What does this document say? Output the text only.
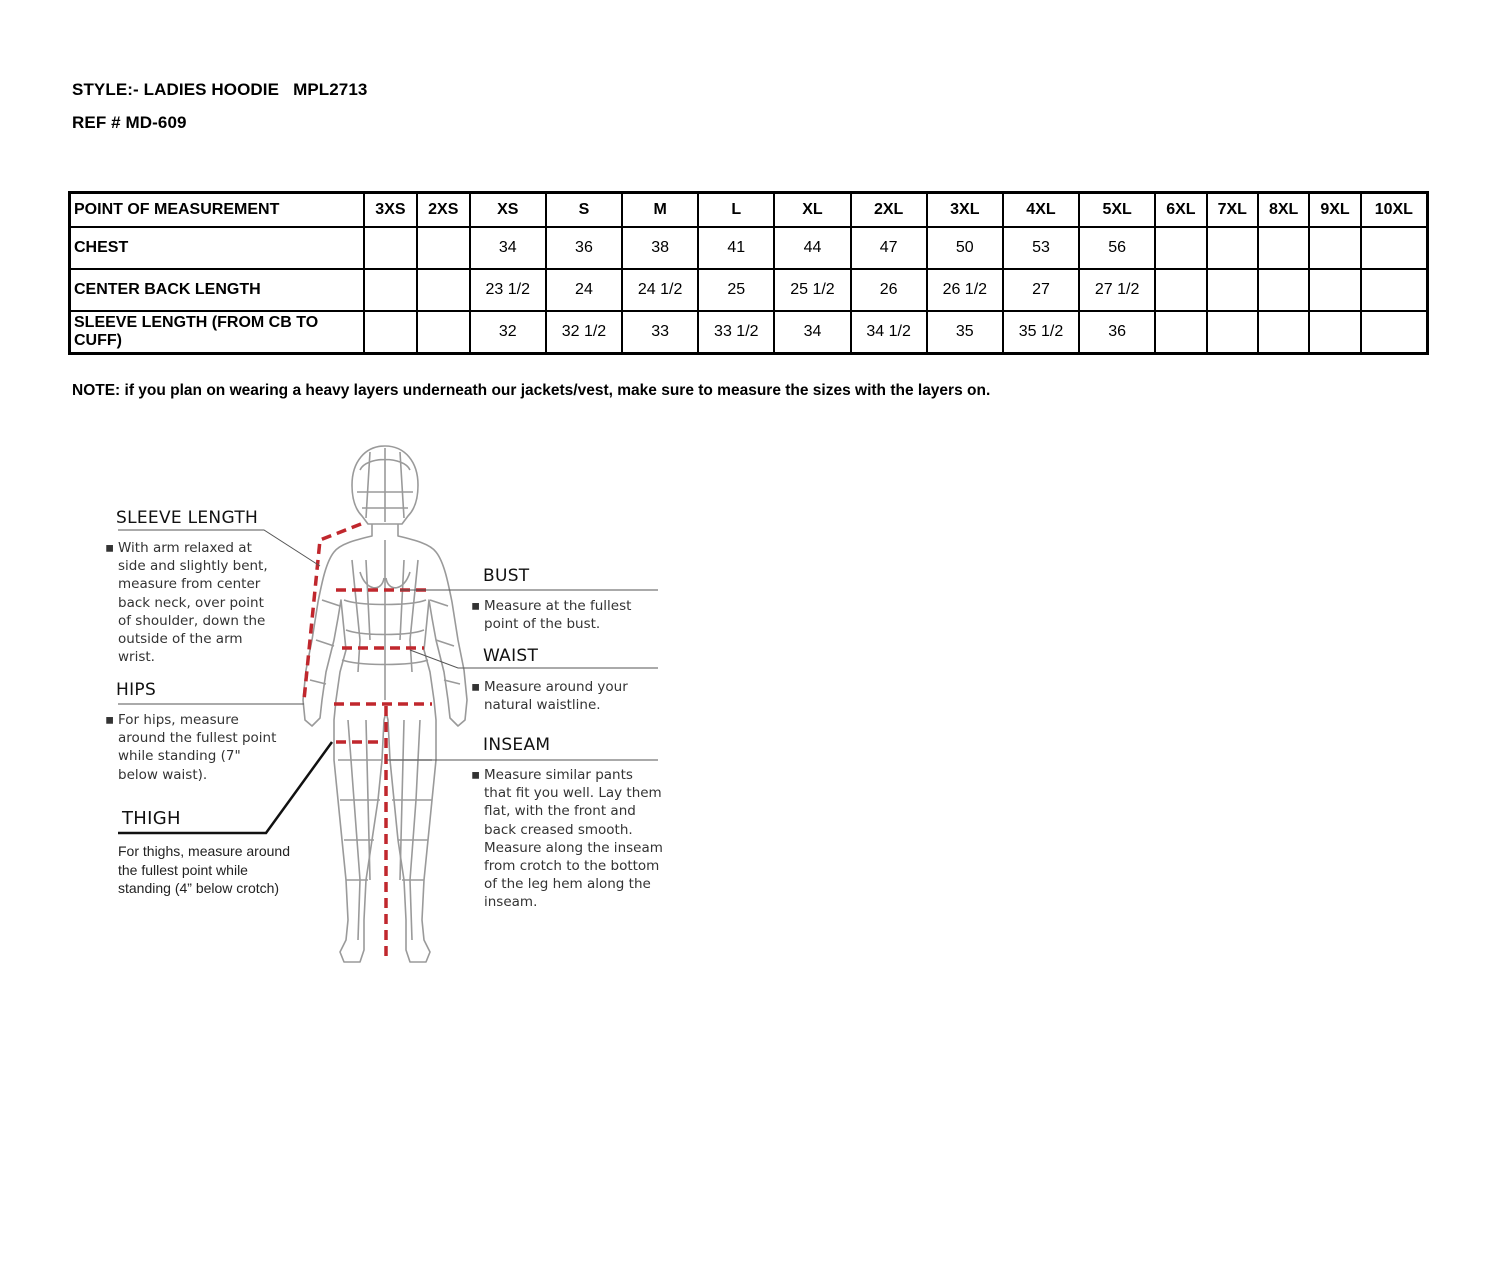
STYLE:- LADIES HOODIE MPL2713
REF # MD-609
POINT OF MEASUREMENT	3XS	2XS	XS	S	M	L	XL	2XL	3XL	4XL	5XL	6XL	7XL	8XL	9XL	10XL
CHEST			34	36	38	41	44	47	50	53	56					
CENTER BACK LENGTH			23 1/2	24	24 1/2	25	25 1/2	26	26 1/2	27	27 1/2					
SLEEVE LENGTH (FROM CB TO CUFF)			32	32 1/2	33	33 1/2	34	34 1/2	35	35 1/2	36					
NOTE: if you plan on wearing a heavy layers underneath our jackets/vest, make sure to measure the sizes with the layers on.
SLEEVE LENGTH
▪ With arm relaxed at side and slightly bent, measure from center back neck, over point of shoulder, down the outside of the arm wrist.
HIPS
▪ For hips, measure around the fullest point while standing (7" below waist).
THIGH
For thighs, measure around the fullest point while standing (4” below crotch)
BUST
▪ Measure at the fullest point of the bust.
WAIST
▪ Measure around your natural waistline.
INSEAM
▪ Measure similar pants that fit you well. Lay them flat, with the front and back creased smooth. Measure along the inseam from crotch to the bottom of the leg hem along the inseam.
